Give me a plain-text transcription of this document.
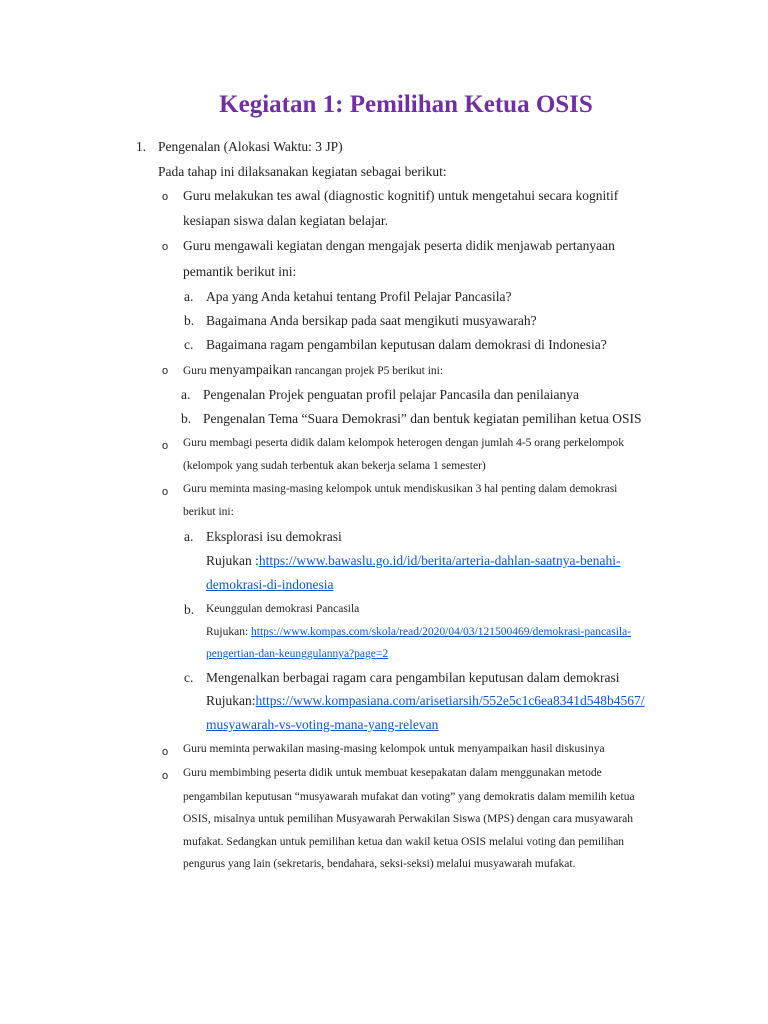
Kegiatan 1: Pemilihan Ketua OSIS
1. Pengenalan (Alokasi Waktu: 3 JP)
Pada tahap ini dilaksanakan kegiatan sebagai berikut:
o Guru melakukan tes awal (diagnostic kognitif) untuk mengetahui secara kognitif
kesiapan siswa dalan kegiatan belajar.
o Guru mengawali kegiatan dengan mengajak peserta didik menjawab pertanyaan
pemantik berikut ini:
a. Apa yang Anda ketahui tentang Profil Pelajar Pancasila?
b. Bagaimana Anda bersikap pada saat mengikuti musyawarah?
c. Bagaimana ragam pengambilan keputusan dalam demokrasi di Indonesia?
o Guru menyampaikan rancangan projek P5 berikut ini:
a. Pengenalan Projek penguatan profil pelajar Pancasila dan penilaianya
b. Pengenalan Tema “Suara Demokrasi” dan bentuk kegiatan pemilihan ketua OSIS
o Guru membagi peserta didik dalam kelompok heterogen dengan jumlah 4-5 orang perkelompok
(kelompok yang sudah terbentuk akan bekerja selama 1 semester)
o Guru meminta masing-masing kelompok untuk mendiskusikan 3 hal penting dalam demokrasi
berikut ini:
a. Eksplorasi isu demokrasi
Rujukan :https://www.bawaslu.go.id/id/berita/arteria-dahlan-saatnya-benahi-
demokrasi-di-indonesia
b. Keunggulan demokrasi Pancasila
Rujukan: https://www.kompas.com/skola/read/2020/04/03/121500469/demokrasi-pancasila-
pengertian-dan-keunggulannya?page=2
c. Mengenalkan berbagai ragam cara pengambilan keputusan dalam demokrasi
Rujukan:https://www.kompasiana.com/arisetiarsih/552e5c1c6ea8341d548b4567/
musyawarah-vs-voting-mana-yang-relevan
o Guru meminta perwakilan masing-masing kelompok untuk menyampaikan hasil diskusinya
o Guru membimbing peserta didik untuk membuat kesepakatan dalam menggunakan metode
pengambilan keputusan “musyawarah mufakat dan voting” yang demokratis dalam memilih ketua
OSIS, misalnya untuk pemilihan Musyawarah Perwakilan Siswa (MPS) dengan cara musyawarah
mufakat. Sedangkan untuk pemilihan ketua dan wakil ketua OSIS melalui voting dan pemilihan
pengurus yang lain (sekretaris, bendahara, seksi-seksi) melalui musyawarah mufakat.
